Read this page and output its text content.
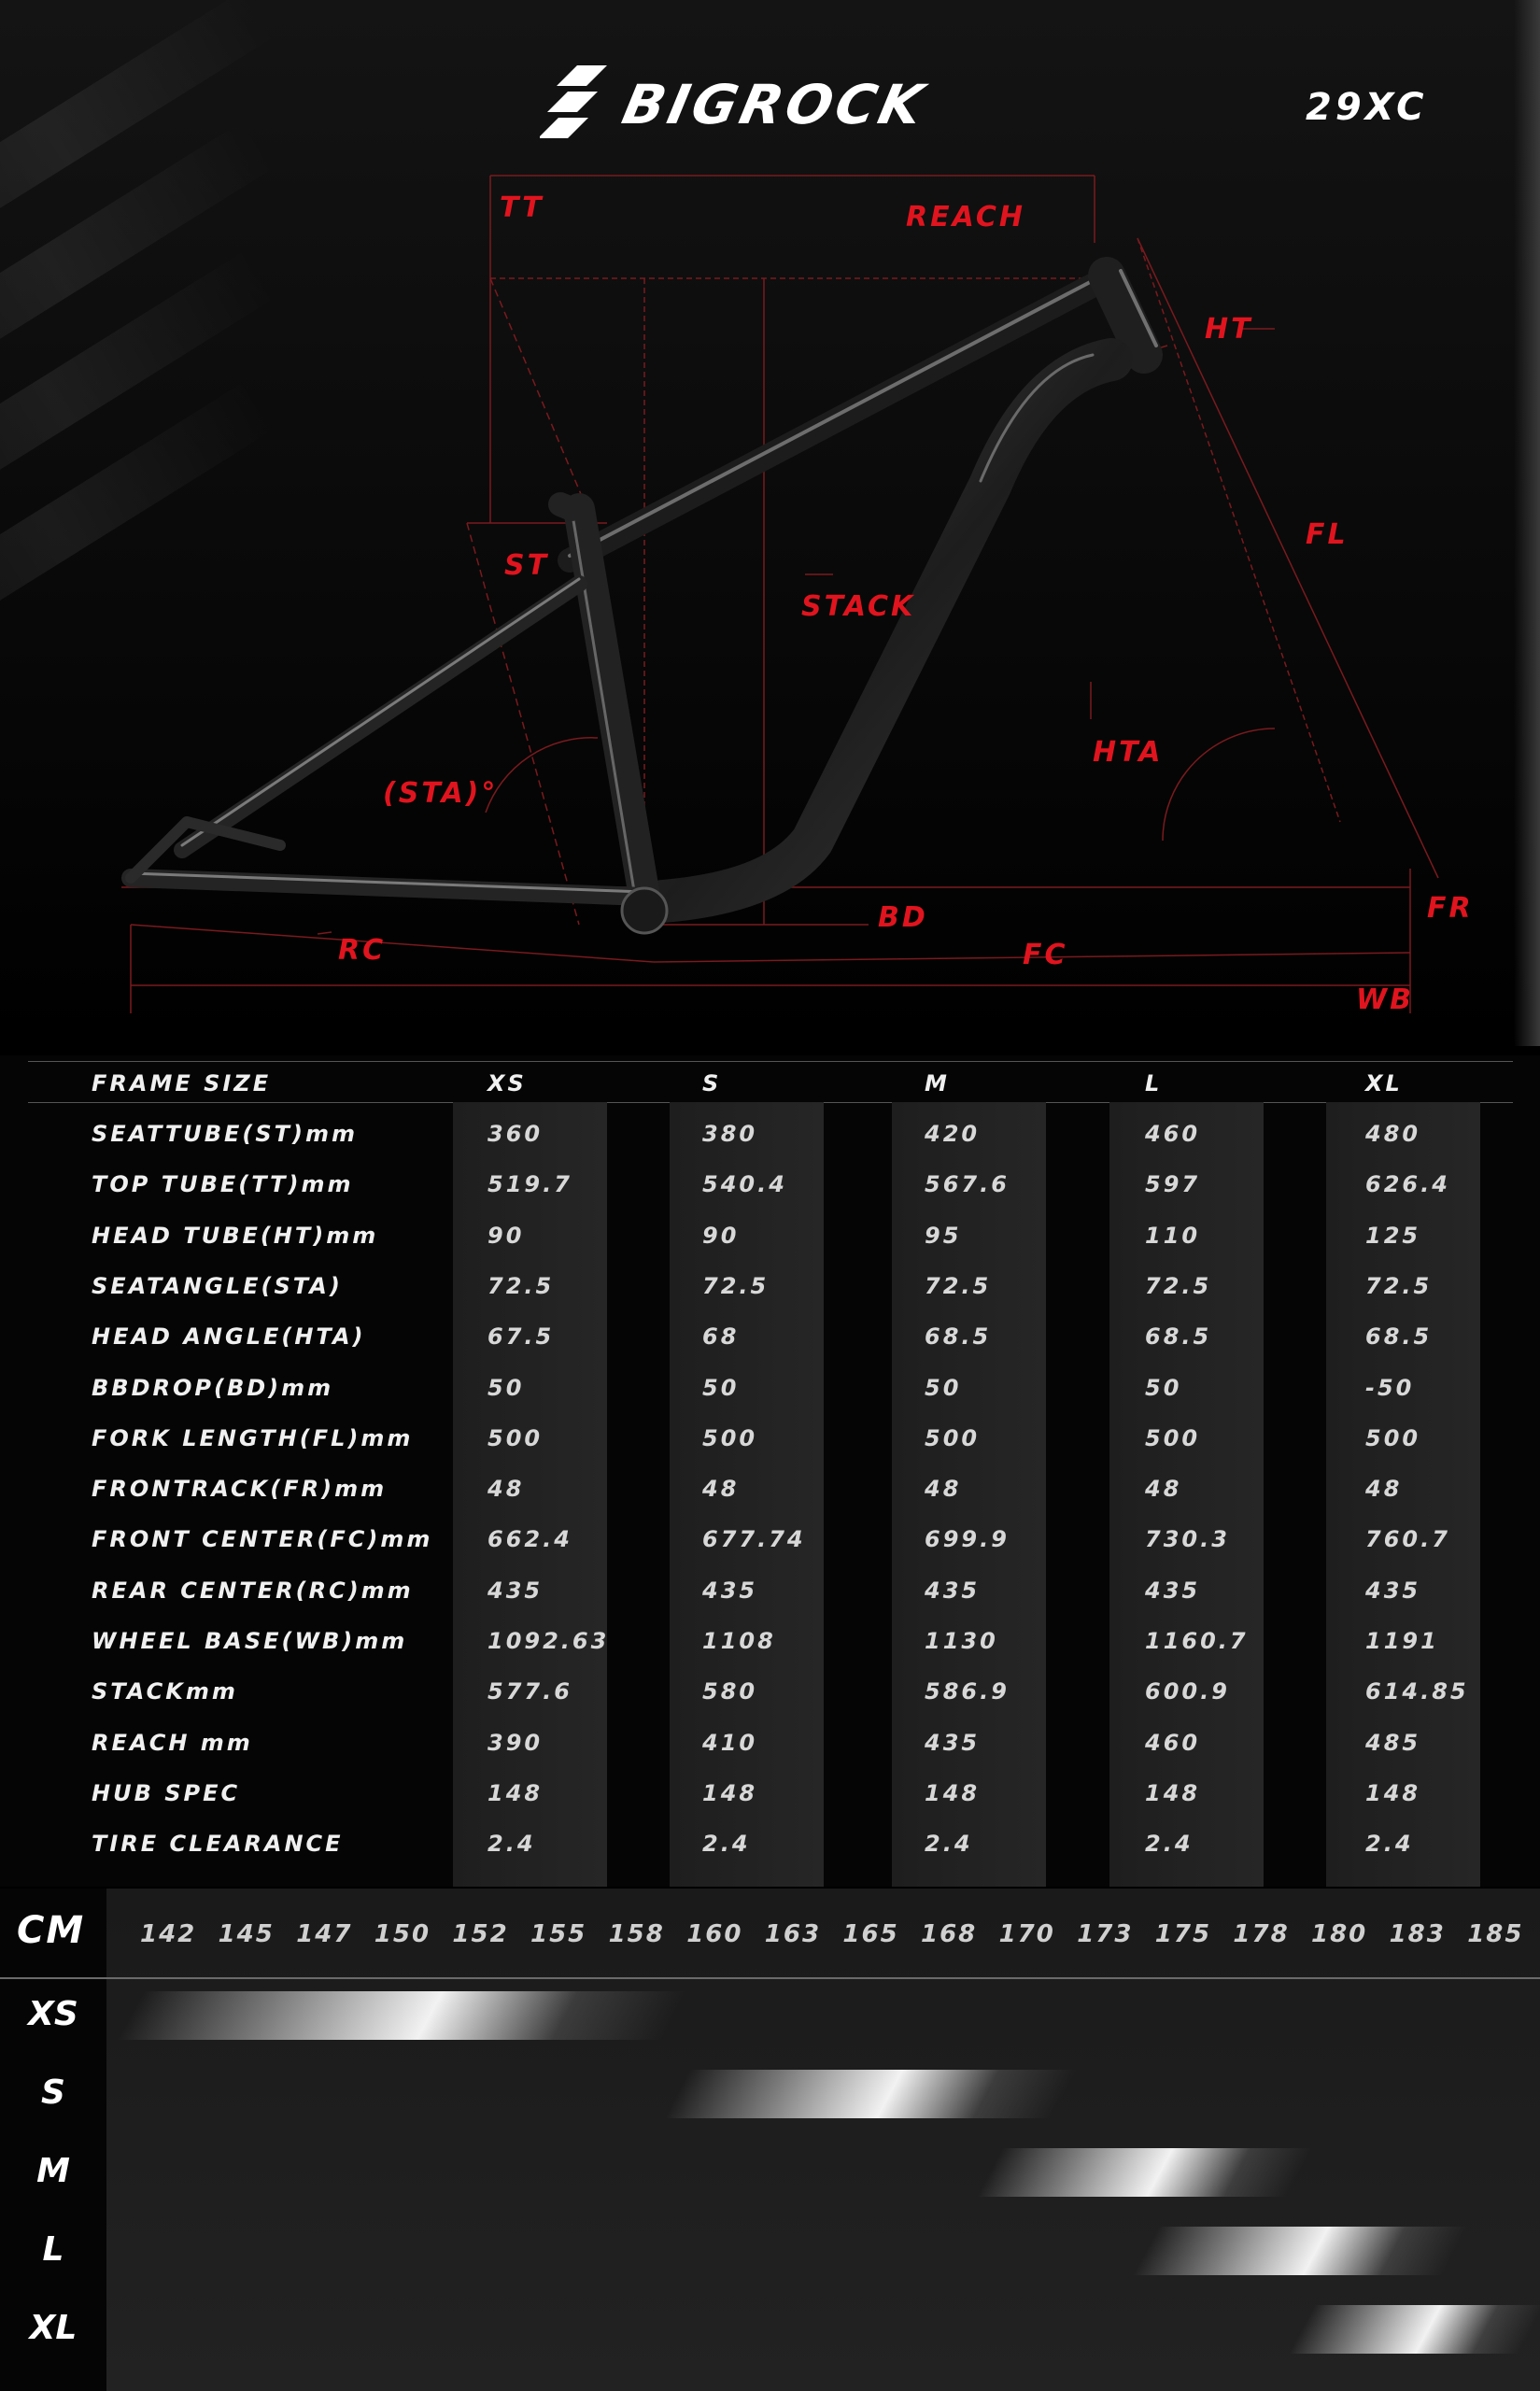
BIGROCK	29XC
TT	REACH
HT
FL
ST
STACK
HTA
(STA)°
BD	FR
RC	FC
WB
FRAME SIZE	XS	S	M	L	XL
SEATTUBE(ST)mm	360	380	420	460	480
TOP TUBE(TT)mm	519.7	540.4	567.6	597	626.4
HEAD TUBE(HT)mm	90	90	95	110	125
SEATANGLE(STA)	72.5	72.5	72.5	72.5	72.5
HEAD ANGLE(HTA)	67.5	68	68.5	68.5	68.5
BBDROP(BD)mm	50	50	50	50	-50
FORK LENGTH(FL)mm	500	500	500	500	500
FRONTRACK(FR)mm	48	48	48	48	48
FRONT CENTER(FC)mm 662.4	677.74	699.9	730.3	760.7
REAR CENTER(RC)mm	435	435	435	435	435
WHEEL BASE(WB)mm	1092.63	1108	1130	1160.7	1191
STACKmm	577.6	580	586.9	600.9	614.85
REACH mm	390	410	435	460	485
HUB SPEC	148	148	148	148	148
TIRE CLEARANCE	2.4	2.4	2.4	2.4	2.4
CM 142 145 147 150 152 155 158 160 163 165 168 170 173 175 178 180 183 185
XS
S
M
L
XL
